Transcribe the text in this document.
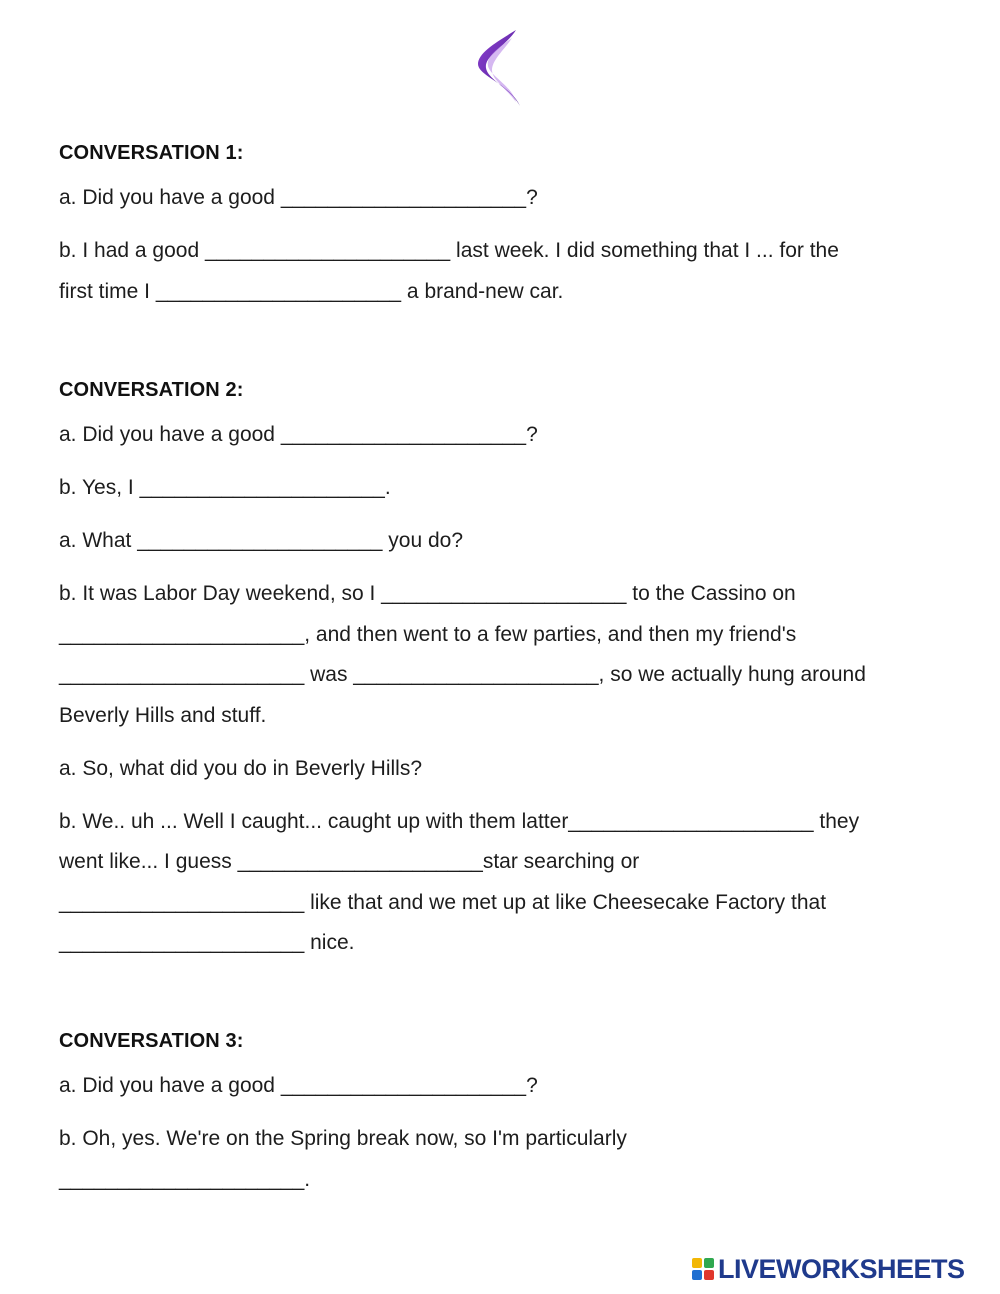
CONVERSATION 1:

a. Did you have a good _____________________?

b. I had a good _____________________ last week. I did something that I ... for the

first time I _____________________ a brand-new car.

CONVERSATION 2:

a. Did you have a good _____________________?

b. Yes, I _____________________.

a. What _____________________ you do?

b. It was Labor Day weekend, so I _____________________ to the Cassino on

_____________________, and then went to a few parties, and then my friend's

_____________________ was _____________________, so we actually hung around

Beverly Hills and stuff.

a. So, what did you do in Beverly Hills?

b. We.. uh ... Well I caught... caught up with them latter_____________________ they

went like... I guess _____________________star searching or

_____________________ like that and we met up at like Cheesecake Factory that

_____________________ nice.

CONVERSATION 3:

a. Did you have a good _____________________?

b. Oh, yes. We're on the Spring break now, so I'm particularly

_____________________.

LIVEWORKSHEETS
